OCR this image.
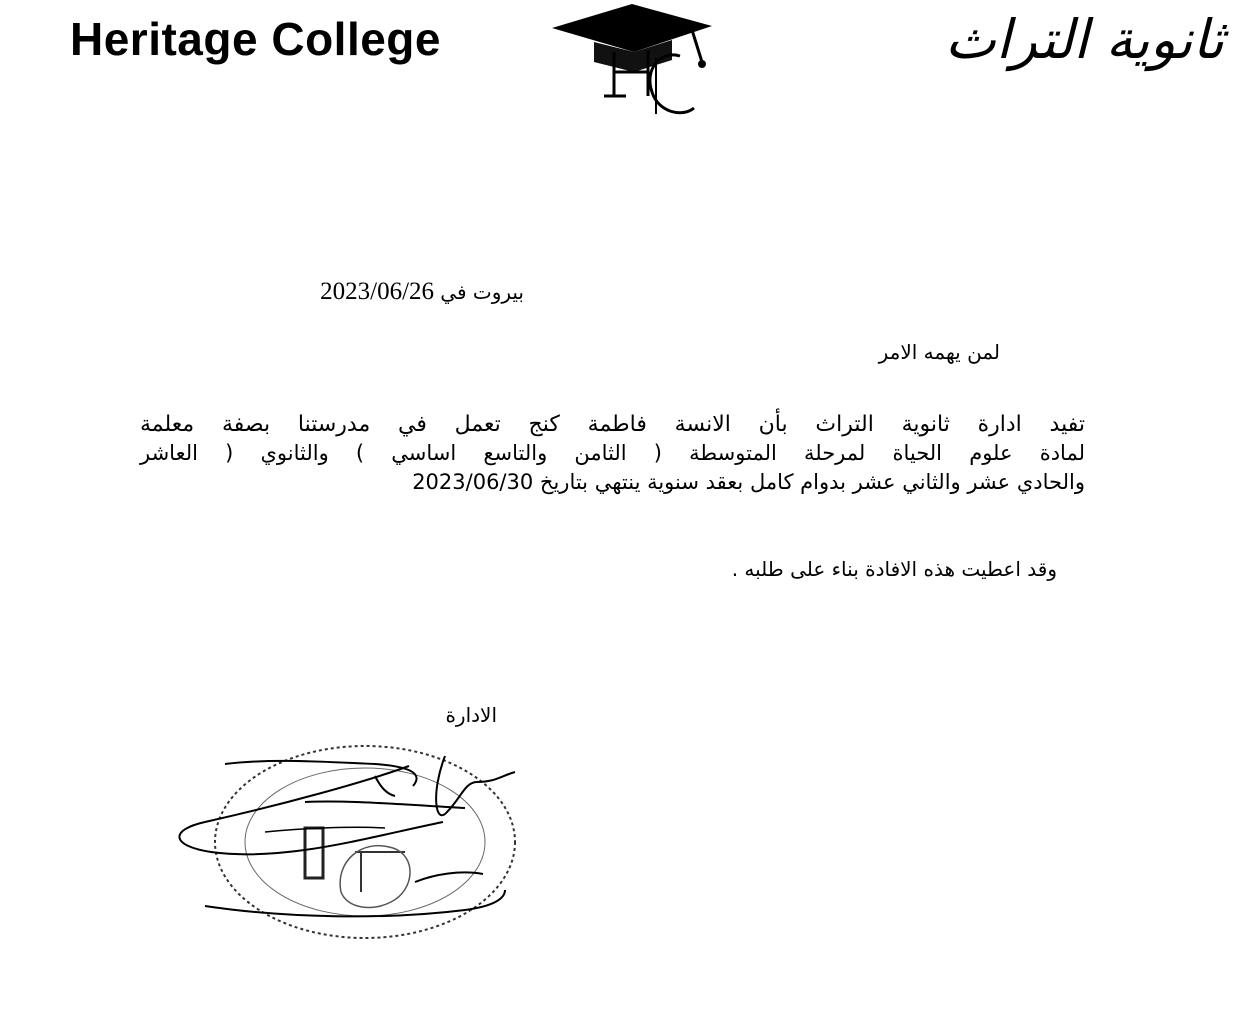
Heritage College	ثانوية التراث
بيروت في 2023/06/26
لمن يهمه الامر
تفيد ادارة ثانوية التراث بأن الانسة فاطمة كنج تعمل في مدرستنا بصفة معلمة
لمادة علوم الحياة لمرحلة المتوسطة ( الثامن والتاسع اساسي ) والثانوي ( العاشر
والحادي عشر والثاني عشر بدوام كامل بعقد سنوية ينتهي بتاريخ 2023/06/30
وقد اعطيت هذه الافادة بناء على طلبه .
الادارة
